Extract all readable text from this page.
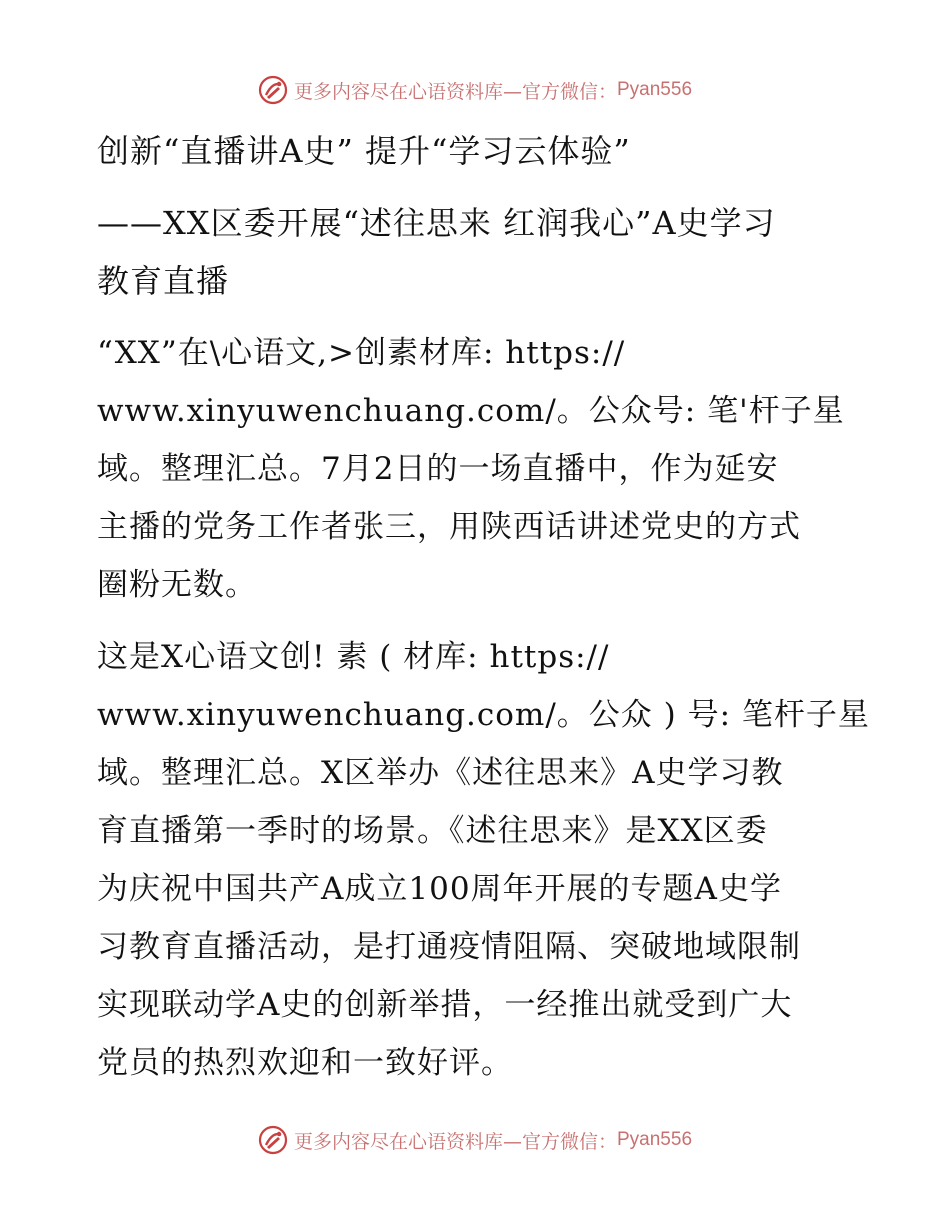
更多内容尽在心语资料库—官方微信： Pyan556
创新“直播讲A史” 提升“学习云体验”
——XX区委开展“述往思来 红润我心”A史学习
教育直播
“XX”在\心语文,>创素材库: https://
www.xinyuwenchuang.com/。公众号: 笔'杆子星
域。整理汇总。7月2日的一场直播中，作为延安
主播的党务工作者张三，用陕西话讲述党史的方式
圈粉无数。
这是X心语文创! 素 ( 材库: https://
www.xinyuwenchuang.com/。公众 ) 号: 笔杆子星
域。整理汇总。X区举办《述往思来》A史学习教
育直播第一季时的场景。《述往思来》是XX区委
为庆祝中国共产A成立100周年开展的专题A史学
习教育直播活动，是打通疫情阻隔、突破地域限制
实现联动学A史的创新举措，一经推出就受到广大
党员的热烈欢迎和一致好评。
更多内容尽在心语资料库—官方微信： Pyan556
